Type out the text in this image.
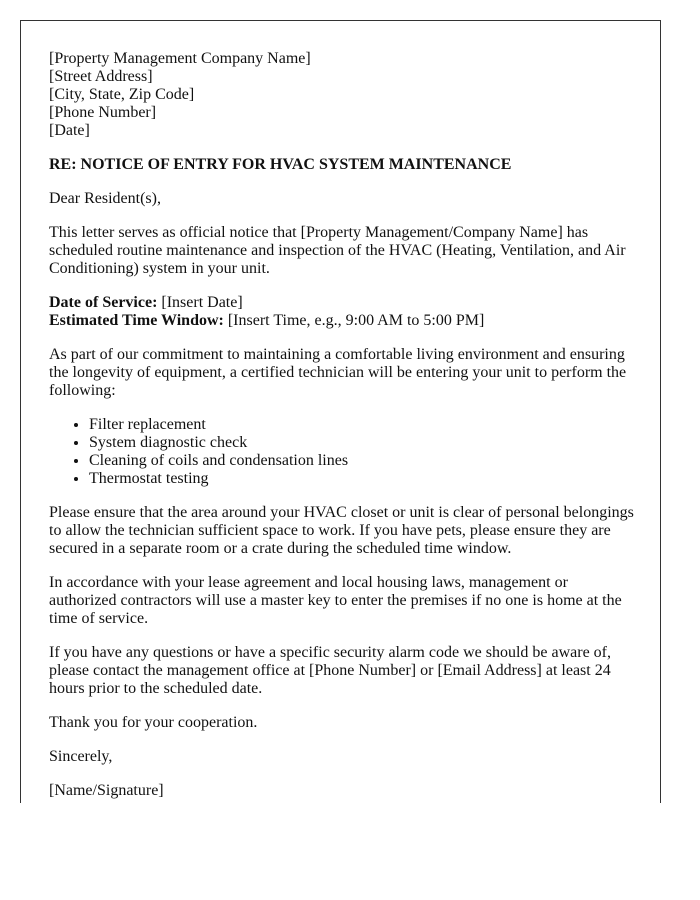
[Property Management Company Name]

[Street Address]

[City, State, Zip Code]

[Phone Number]

[Date]

RE: NOTICE OF ENTRY FOR HVAC SYSTEM MAINTENANCE

Dear Resident(s),

This letter serves as official notice that [Property Management/Company Name] has scheduled routine maintenance and inspection of the HVAC (Heating, Ventilation, and Air Conditioning) system in your unit.

Date of Service: [Insert Date]

Estimated Time Window: [Insert Time, e.g., 9:00 AM to 5:00 PM]

As part of our commitment to maintaining a comfortable living environment and ensuring the longevity of equipment, a certified technician will be entering your unit to perform the following:

• Filter replacement
• System diagnostic check
• Cleaning of coils and condensation lines
• Thermostat testing

Please ensure that the area around your HVAC closet or unit is clear of personal belongings to allow the technician sufficient space to work. If you have pets, please ensure they are secured in a separate room or a crate during the scheduled time window.

In accordance with your lease agreement and local housing laws, management or authorized contractors will use a master key to enter the premises if no one is home at the time of service.

If you have any questions or have a specific security alarm code we should be aware of, please contact the management office at [Phone Number] or [Email Address] at least 24 hours prior to the scheduled date.

Thank you for your cooperation.

Sincerely,

[Name/Signature]
